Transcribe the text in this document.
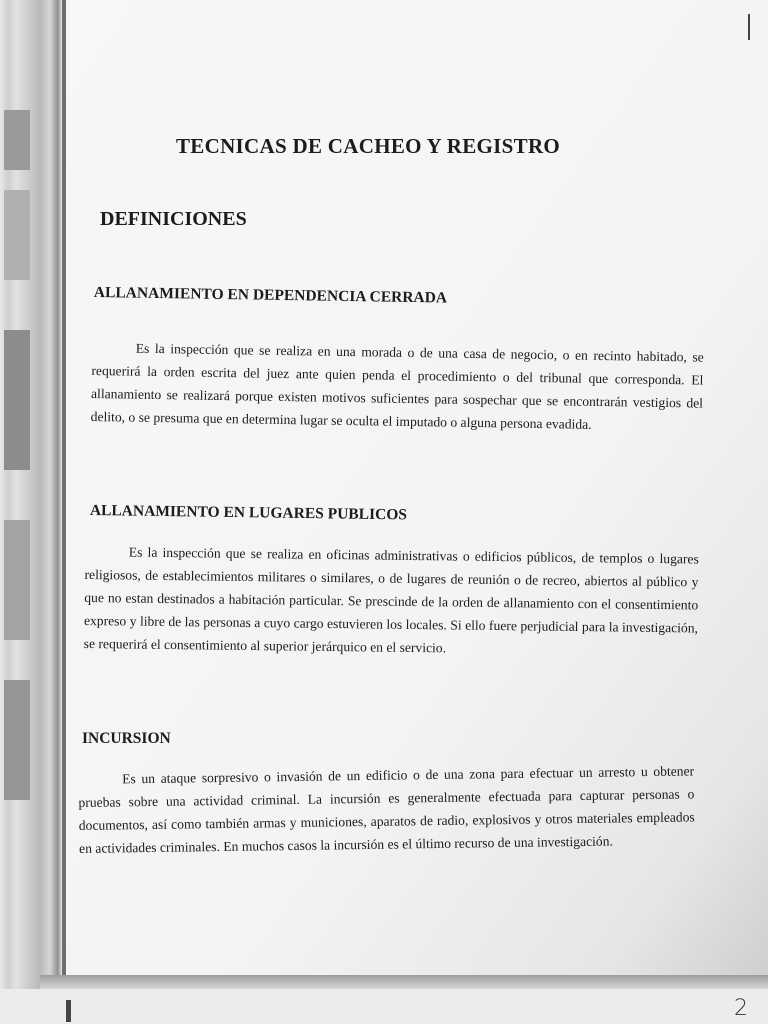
TECNICAS DE CACHEO Y REGISTRO
DEFINICIONES
ALLANAMIENTO EN DEPENDENCIA CERRADA
Es la inspección que se realiza en una morada o de una casa de negocio, o en recinto habitado, se requerirá la orden escrita del juez ante quien penda el procedimiento o del tribunal que corresponda. El allanamiento se realizará porque existen motivos suficientes para sospechar que se encontrarán vestigios del delito, o se presuma que en determina lugar se oculta el imputado o alguna persona evadida.
ALLANAMIENTO EN LUGARES PUBLICOS
Es la inspección que se realiza en oficinas administrativas o edificios públicos, de templos o lugares religiosos, de establecimientos militares o similares, o de lugares de reunión o de recreo, abiertos al público y que no estan destinados a habitación particular. Se prescinde de la orden de allanamiento con el consentimiento expreso y libre de las personas a cuyo cargo estuvieren los locales. Si ello fuere perjudicial para la investigación, se requerirá el consentimiento al superior jerárquico en el servicio.
INCURSION
Es un ataque sorpresivo o invasión de un edificio o de una zona para efectuar un arresto u obtener pruebas sobre una actividad criminal. La incursión es generalmente efectuada para capturar personas o documentos, así como también armas y municiones, aparatos de radio, explosivos y otros materiales empleados en actividades criminales. En muchos casos la incursión es el último recurso de una investigación.
2
